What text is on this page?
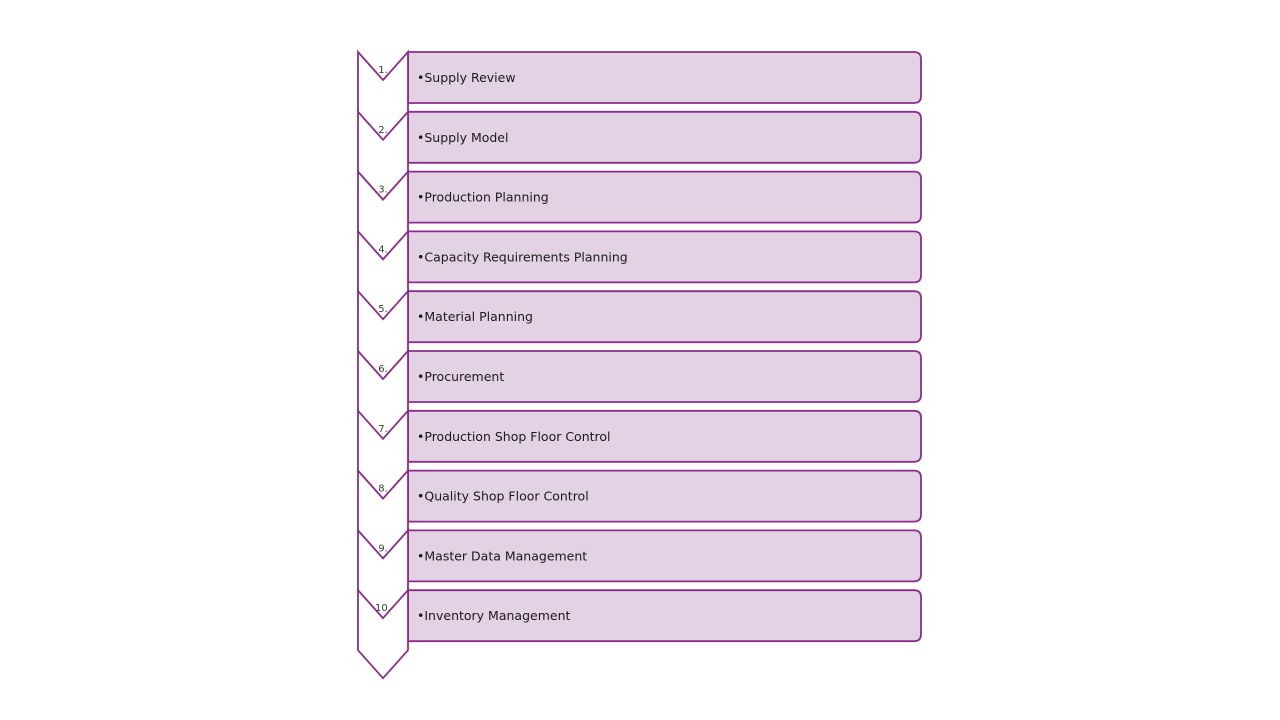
•Supply Review
•Supply Model
•Production Planning
•Capacity Requirements Planning
•Material Planning
•Procurement
•Production Shop Floor Control
•Quality Shop Floor Control
•Master Data Management
•Inventory Management
1.
2.
3.
4.
5.
6.
7.
8.
9.
10.
